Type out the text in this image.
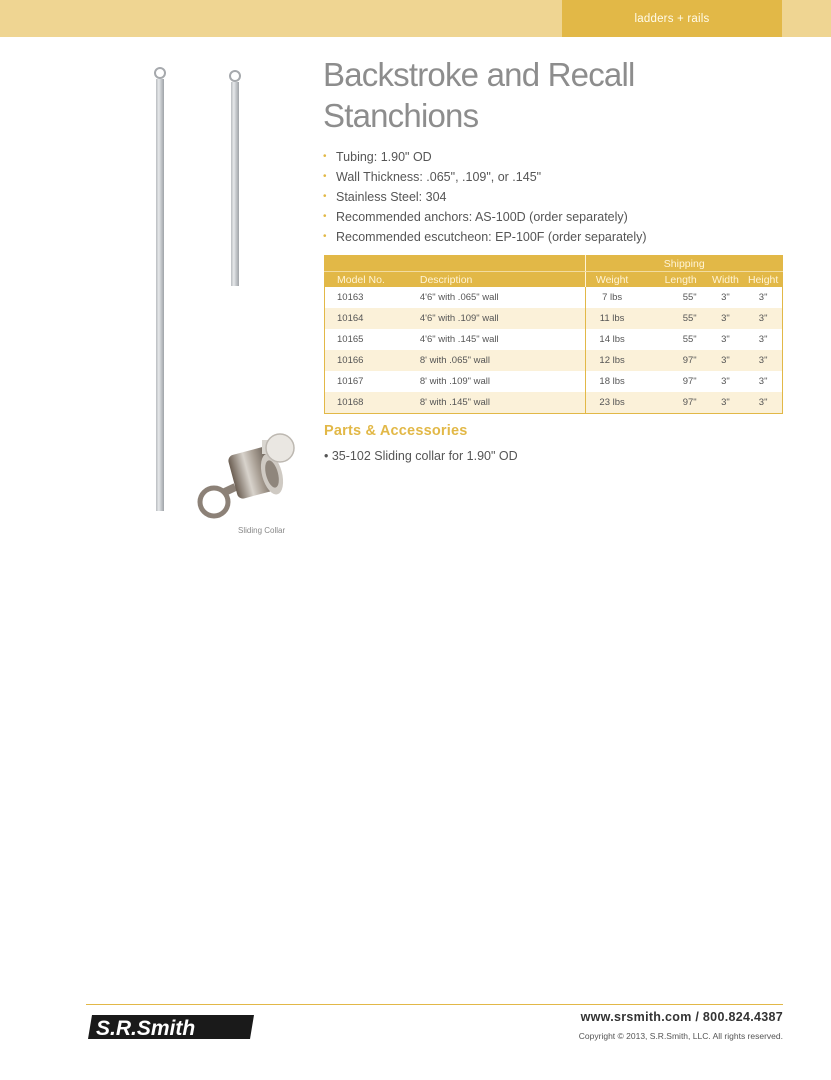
ladders + rails
Sliding Collar
Backstroke and Recall
Stanchions
• Tubing: 1.90" OD
• Wall Thickness: .065", .109", or .145"
• Stainless Steel: 304
• Recommended anchors: AS-100D (order separately)
• Recommended escutcheon: EP-100F (order separately)
		Shipping			
Model No.	Description	Weight	Length	Width	Height
10163	4'6" with .065" wall	7 lbs	55"	3"	3"
10164	4'6" with .109" wall	11 lbs	55"	3"	3"
10165	4'6" with .145" wall	14 lbs	55"	3"	3"
10166	8' with .065" wall	12 lbs	97"	3"	3"
10167	8' with .109" wall	18 lbs	97"	3"	3"
10168	8' with .145" wall	23 lbs	97"	3"	3"
Parts & Accessories
• 35-102 Sliding collar for 1.90" OD
S.R.Smith	www.srsmith.com / 800.824.4387
Copyright © 2013, S.R.Smith, LLC. All rights reserved.
